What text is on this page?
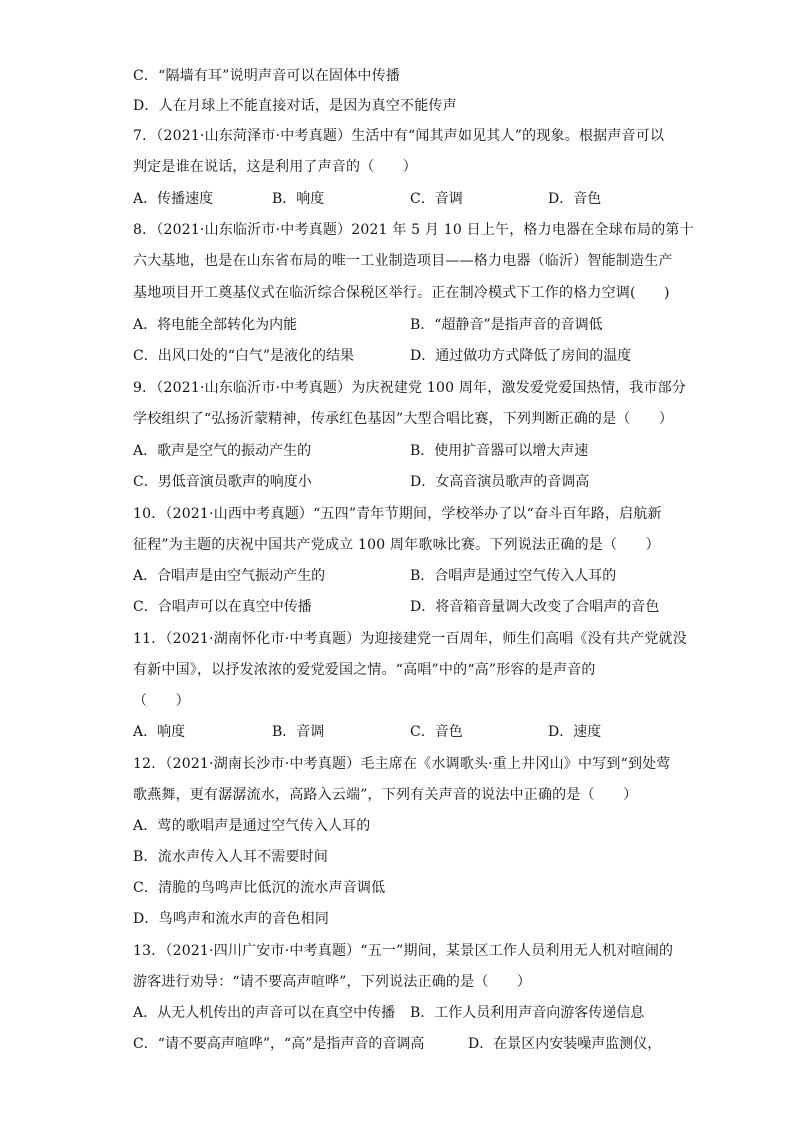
C．“隔墙有耳”说明声音可以在固体中传播
D．人在月球上不能直接对话，是因为真空不能传声
7．（2021·山东菏泽市·中考真题）生活中有“闻其声如见其人”的现象。根据声音可以
判定是谁在说话，这是利用了声音的（　　）
A．传播速度	B．响度	C．音调	D．音色
8．（2021·山东临沂市·中考真题）2021 年 5 月 10 日上午，格力电器在全球布局的第十
六大基地，也是在山东省布局的唯一工业制造项目——格力电器（临沂）智能制造生产
基地项目开工奠基仪式在临沂综合保税区举行。正在制冷模式下工作的格力空调(　　)
A．将电能全部转化为内能	B．“超静音”是指声音的音调低
C．出风口处的“白气”是液化的结果	D．通过做功方式降低了房间的温度
9．（2021·山东临沂市·中考真题）为庆祝建党 100 周年，激发爱党爱国热情，我市部分
学校组织了“弘扬沂蒙精神，传承红色基因”大型合唱比赛，下列判断正确的是（　　）
A．歌声是空气的振动产生的	B．使用扩音器可以增大声速
C．男低音演员歌声的响度小	D．女高音演员歌声的音调高
10．（2021·山西中考真题）“五四”青年节期间，学校举办了以“奋斗百年路，启航新
征程”为主题的庆祝中国共产党成立 100 周年歌咏比赛。下列说法正确的是（　　）
A．合唱声是由空气振动产生的	B．合唱声是通过空气传入人耳的
C．合唱声可以在真空中传播	D．将音箱音量调大改变了合唱声的音色
11．（2021·湖南怀化市·中考真题）为迎接建党一百周年，师生们高唱《没有共产党就没
有新中国》，以抒发浓浓的爱党爱国之情。“高唱”中的“高”形容的是声音的
（　　）
A．响度	B．音调	C．音色	D．速度
12．（2021·湖南长沙市·中考真题）毛主席在《水调歌头·重上井冈山》中写到“到处莺
歌燕舞，更有潺潺流水，高路入云端”，下列有关声音的说法中正确的是（　　）
A．莺的歌唱声是通过空气传入人耳的
B．流水声传入人耳不需要时间
C．清脆的鸟鸣声比低沉的流水声音调低
D．鸟鸣声和流水声的音色相同
13．（2021·四川广安市·中考真题）“五一”期间，某景区工作人员利用无人机对喧闹的
游客进行劝导：“请不要高声喧哗”，下列说法正确的是（　　）
A．从无人机传出的声音可以在真空中传播 B．工作人员利用声音向游客传递信息
C．“请不要高声喧哗”，“高”是指声音的音调高	D．在景区内安装噪声监测仪，
